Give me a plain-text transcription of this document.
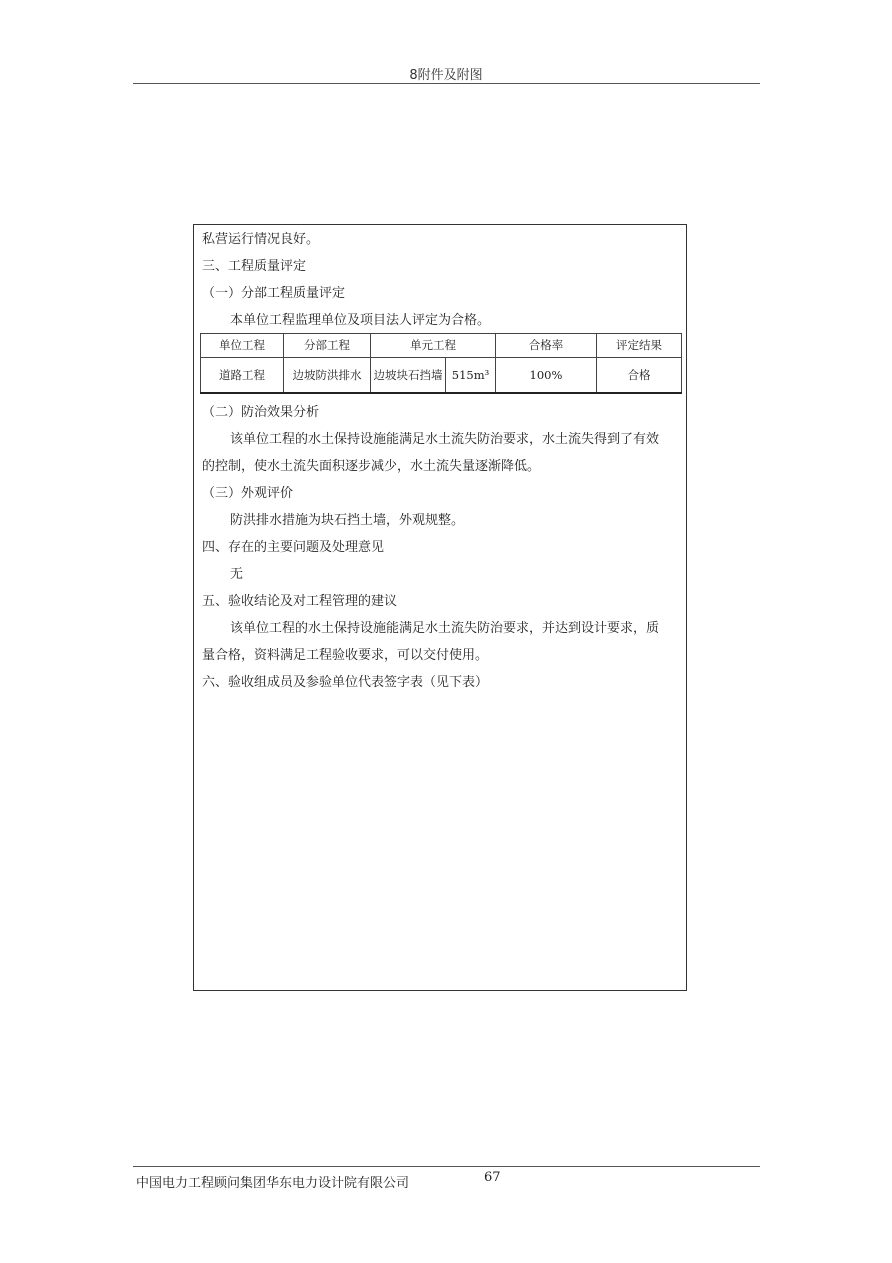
8附件及附图
私营运行情况良好。
三、工程质量评定
（一）分部工程质量评定
本单位工程监理单位及项目法人评定为合格。
单位工程	分部工程	单元工程		合格率	评定结果
道路工程	边坡防洪排水	边坡块石挡墙	515m³	100%	合格
（二）防治效果分析
该单位工程的水土保持设施能满足水土流失防治要求，水土流失得到了有效
的控制，使水土流失面积逐步减少，水土流失量逐渐降低。
（三）外观评价
防洪排水措施为块石挡土墙，外观规整。
四、存在的主要问题及处理意见
无
五、验收结论及对工程管理的建议
该单位工程的水土保持设施能满足水土流失防治要求，并达到设计要求，质
量合格，资料满足工程验收要求，可以交付使用。
六、验收组成员及参验单位代表签字表（见下表）
中国电力工程顾问集团华东电力设计院有限公司	67
